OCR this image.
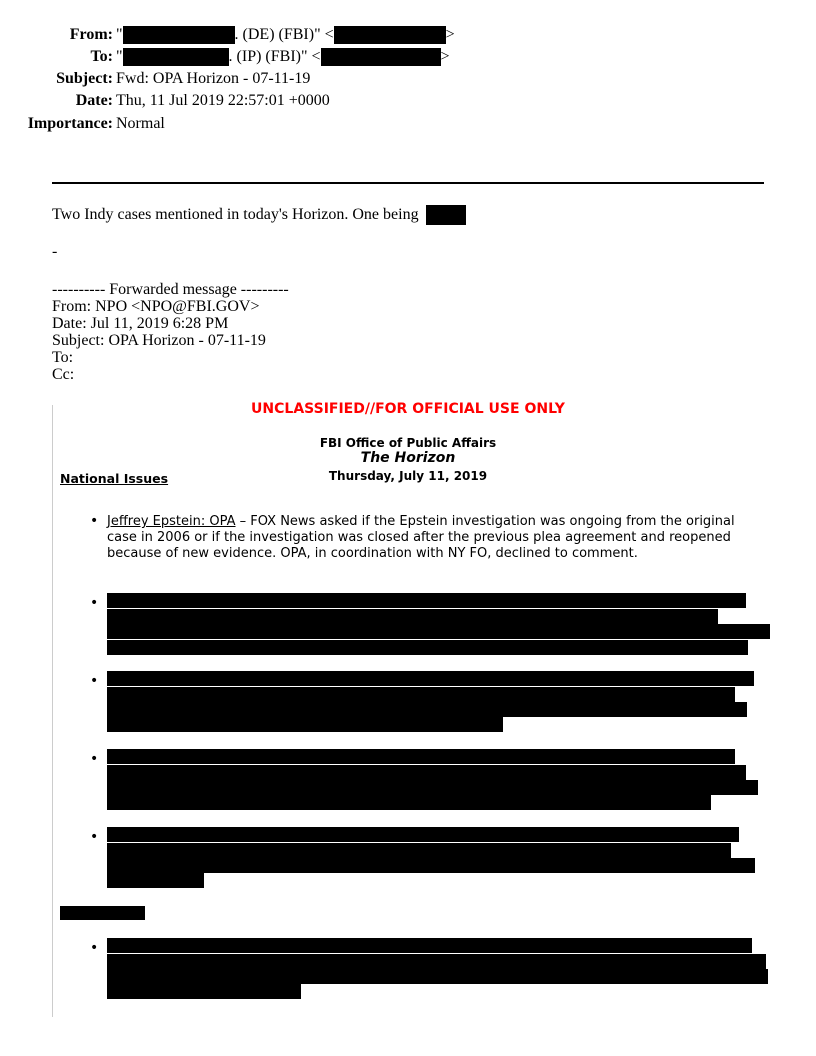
From: "	. (DE) (FBI)" <	>
To: "	. (IP) (FBI)" <	>
Subject: Fwd: OPA Horizon - 07-11-19
Date: Thu, 11 Jul 2019 22:57:01 +0000
Importance: Normal
Two Indy cases mentioned in today's Horizon. One being
-
---------- Forwarded message ---------
From: NPO <NPO@FBI.GOV>
Date: Jul 11, 2019 6:28 PM
Subject: OPA Horizon - 07-11-19
To:
Cc:
UNCLASSIFIED//FOR OFFICIAL USE ONLY
FBI Office of Public Affairs
The Horizon
Thursday, July 11, 2019
National Issues
• Jeffrey Epstein: OPA – FOX News asked if the Epstein investigation was ongoing from the original case in 2006 or if the investigation was closed after the previous plea agreement and reopened because of new evidence. OPA, in coordination with NY FO, declined to comment.
•
•
•
•
•
